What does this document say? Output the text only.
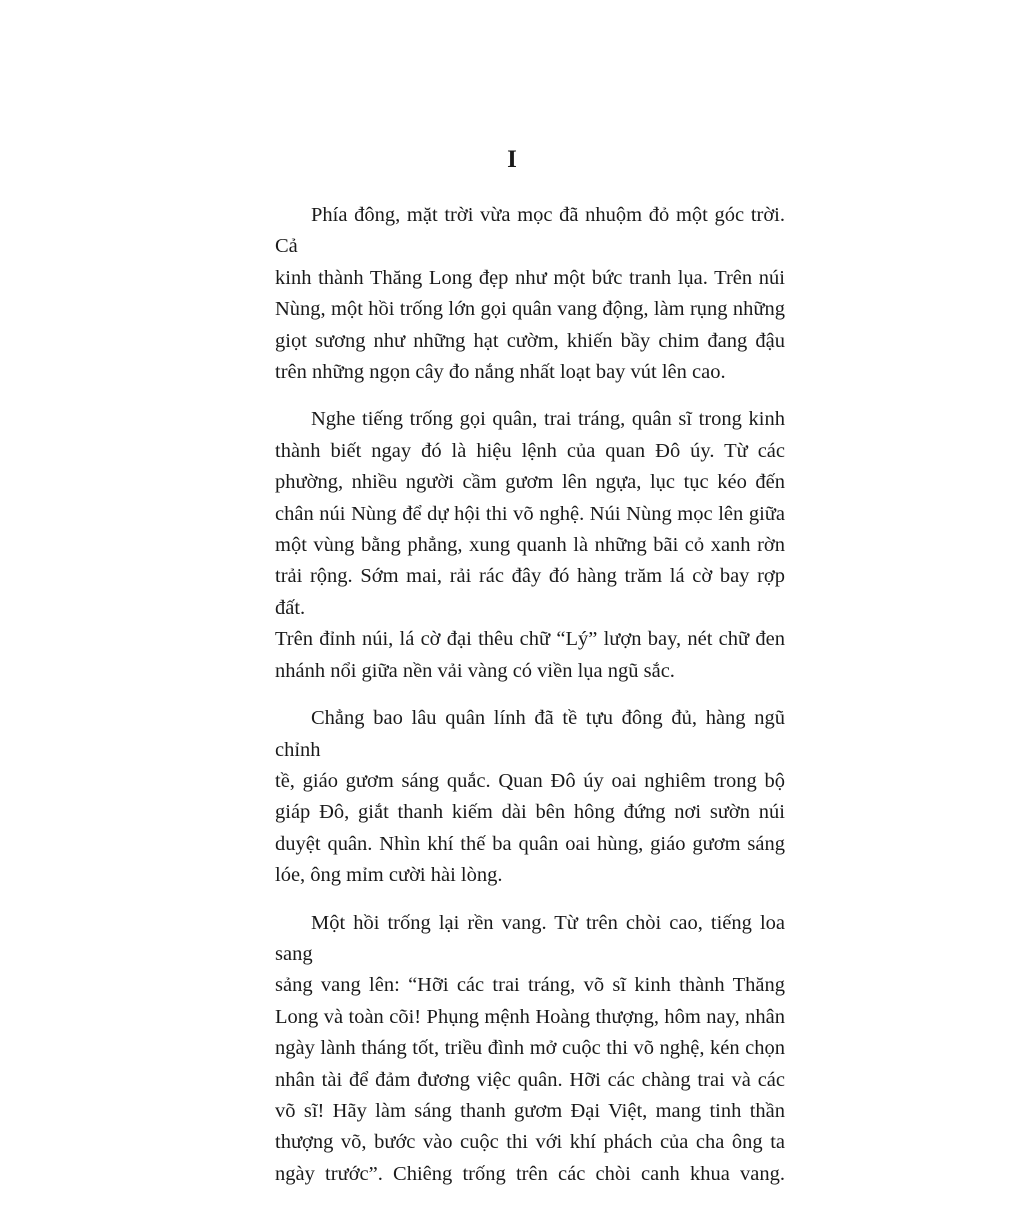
I

Phía đông, mặt trời vừa mọc đã nhuộm đỏ một góc trời. Cả
kinh thành Thăng Long đẹp như một bức tranh lụa. Trên núi
Nùng, một hồi trống lớn gọi quân vang động, làm rụng những
giọt sương như những hạt cườm, khiến bầy chim đang đậu
trên những ngọn cây đo nắng nhất loạt bay vút lên cao.

Nghe tiếng trống gọi quân, trai tráng, quân sĩ trong kinh
thành biết ngay đó là hiệu lệnh của quan Đô úy. Từ các
phường, nhiều người cầm gươm lên ngựa, lục tục kéo đến
chân núi Nùng để dự hội thi võ nghệ. Núi Nùng mọc lên giữa
một vùng bằng phẳng, xung quanh là những bãi cỏ xanh rờn
trải rộng. Sớm mai, rải rác đây đó hàng trăm lá cờ bay rợp đất.
Trên đỉnh núi, lá cờ đại thêu chữ “Lý” lượn bay, nét chữ đen
nhánh nổi giữa nền vải vàng có viền lụa ngũ sắc.

Chẳng bao lâu quân lính đã tề tựu đông đủ, hàng ngũ chỉnh
tề, giáo gươm sáng quắc. Quan Đô úy oai nghiêm trong bộ
giáp Đô, giắt thanh kiếm dài bên hông đứng nơi sườn núi
duyệt quân. Nhìn khí thế ba quân oai hùng, giáo gươm sáng
lóe, ông mỉm cười hài lòng.

Một hồi trống lại rền vang. Từ trên chòi cao, tiếng loa sang
sảng vang lên: “Hỡi các trai tráng, võ sĩ kinh thành Thăng
Long và toàn cõi! Phụng mệnh Hoàng thượng, hôm nay, nhân
ngày lành tháng tốt, triều đình mở cuộc thi võ nghệ, kén chọn
nhân tài để đảm đương việc quân. Hỡi các chàng trai và các
võ sĩ! Hãy làm sáng thanh gươm Đại Việt, mang tinh thần
thượng võ, bước vào cuộc thi với khí phách của cha ông ta
ngày trước”. Chiêng trống trên các chòi canh khua vang.
